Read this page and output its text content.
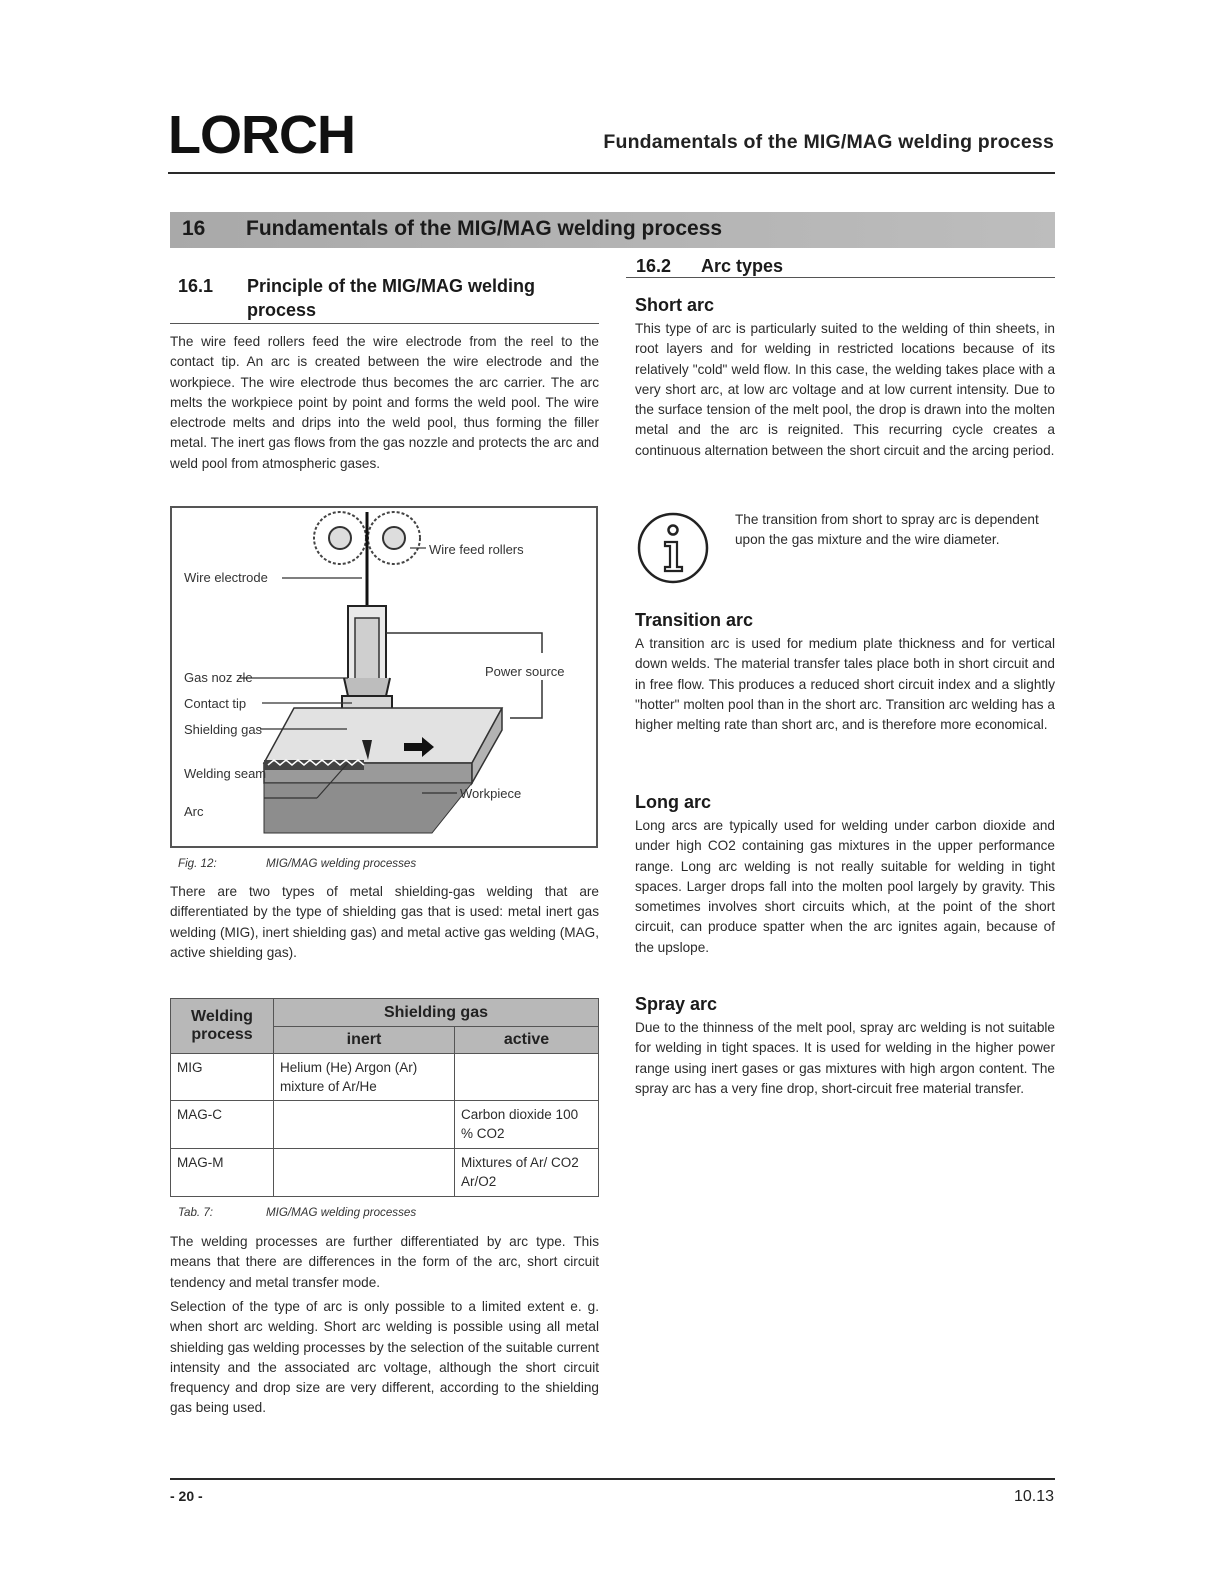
LORCH	Fundamentals of the MIG/MAG welding process
16 Fundamentals of the MIG/MAG welding process
16.1 Principle of the MIG/MAG welding
process
The wire feed rollers feed the wire electrode from the reel to the contact tip. An arc is created between the wire electrode and the workpiece. The wire electrode thus becomes the arc carrier. The arc melts the workpiece point by point and forms the weld pool. The wire electrode melts and drips into the weld pool, thus forming the filler metal. The inert gas flows from the gas nozzle and protects the arc and weld pool from atmospheric gases.
Wire feed rollers
Wire electrode
Power source
Gas noz zle
Contact tip
Shielding gas
Welding seam
Arc
Workpiece
Fig. 12:	MIG/MAG welding processes
There are two types of metal shielding-gas welding that are differentiated by the type of shielding gas that is used: metal inert gas welding (MIG), inert shielding gas) and metal active gas welding (MAG, active shielding gas).
Welding process	Shielding gas	
	inert	active
MIG	Helium (He) Argon (Ar) mixture of Ar/He	
MAG-C		Carbon dioxide 100 % CO2
MAG-M		Mixtures of Ar/ CO2 Ar/O2
Tab. 7:	MIG/MAG welding processes
The welding processes are further differentiated by arc type. This means that there are differences in the form of the arc, short circuit tendency and metal transfer mode.
Selection of the type of arc is only possible to a limited extent e. g. when short arc welding. Short arc welding is possible using all metal shielding gas welding processes by the selection of the suitable current intensity and the associated arc voltage, although the short circuit frequency and drop size are very different, according to the shielding gas being used.
16.2 Arc types
Short arc
This type of arc is particularly suited to the welding of thin sheets, in root layers and for welding in restricted locations because of its relatively "cold" weld flow. In this case, the welding takes place with a very short arc, at low arc voltage and at low current intensity. Due to the surface tension of the melt pool, the drop is drawn into the molten metal and the arc is reignited. This recurring cycle creates a continuous alternation between the short circuit and the arcing period.
The transition from short to spray arc is dependent upon the gas mixture and the wire diameter.
Transition arc
A transition arc is used for medium plate thickness and for vertical down welds. The material transfer tales place both in short circuit and in free flow. This produces a reduced short circuit index and a slightly "hotter" molten pool than in the short arc. Transition arc welding has a higher melting rate than short arc, and is therefore more economical.
Long arc
Long arcs are typically used for welding under carbon dioxide and under high CO2 containing gas mixtures in the upper performance range. Long arc welding is not really suitable for welding in tight spaces. Larger drops fall into the molten pool largely by gravity. This sometimes involves short circuits which, at the point of the short circuit, can produce spatter when the arc ignites again, because of the upslope.
Spray arc
Due to the thinness of the melt pool, spray arc welding is not suitable for welding in tight spaces. It is used for welding in the higher power range using inert gases or gas mixtures with high argon content. The spray arc has a very fine drop, short-circuit free material transfer.
- 20 -	10.13
